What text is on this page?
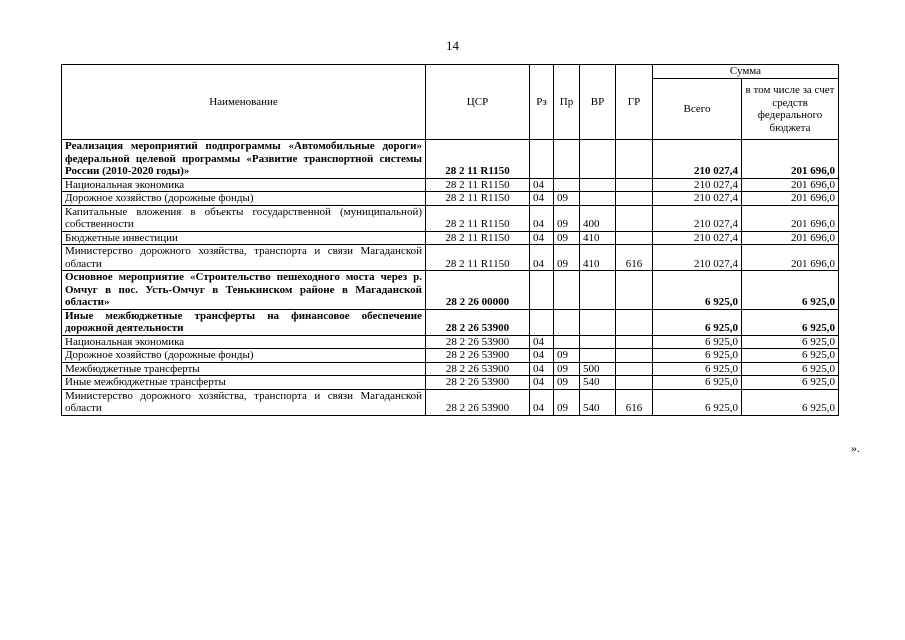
14
Наименование	ЦСР	Рз	Пр	ВР	ГР	Сумма	
						Всего	в том числе за счет средств федерального бюджета
Реализация мероприятий подпрограммы «Автомобильные дороги» федеральной целевой программы «Развитие транспортной системы России (2010-2020 годы)»	28 2 11 R1150					210 027,4	201 696,0
Национальная экономика	28 2 11 R1150	04				210 027,4	201 696,0
Дорожное хозяйство (дорожные фонды)	28 2 11 R1150	04	09			210 027,4	201 696,0
Капитальные вложения в объекты государственной (муниципальной) собственности	28 2 11 R1150	04	09	400		210 027,4	201 696,0
Бюджетные инвестиции	28 2 11 R1150	04	09	410		210 027,4	201 696,0
Министерство дорожного хозяйства, транспорта и связи Магаданской области	28 2 11 R1150	04	09	410	616	210 027,4	201 696,0
Основное мероприятие «Строительство пешеходного моста через р. Омчуг в пос. Усть-Омчуг в Тенькинском районе в Магаданской области»	28 2 26 00000					6 925,0	6 925,0
Иные межбюджетные трансферты на финансовое обеспечение дорожной деятельности	28 2 26 53900					6 925,0	6 925,0
Национальная экономика	28 2 26 53900	04				6 925,0	6 925,0
Дорожное хозяйство (дорожные фонды)	28 2 26 53900	04	09			6 925,0	6 925,0
Межбюджетные трансферты	28 2 26 53900	04	09	500		6 925,0	6 925,0
Иные межбюджетные трансферты	28 2 26 53900	04	09	540		6 925,0	6 925,0
Министерство дорожного хозяйства, транспорта и связи Магаданской области	28 2 26 53900	04	09	540	616	6 925,0	6 925,0
».
